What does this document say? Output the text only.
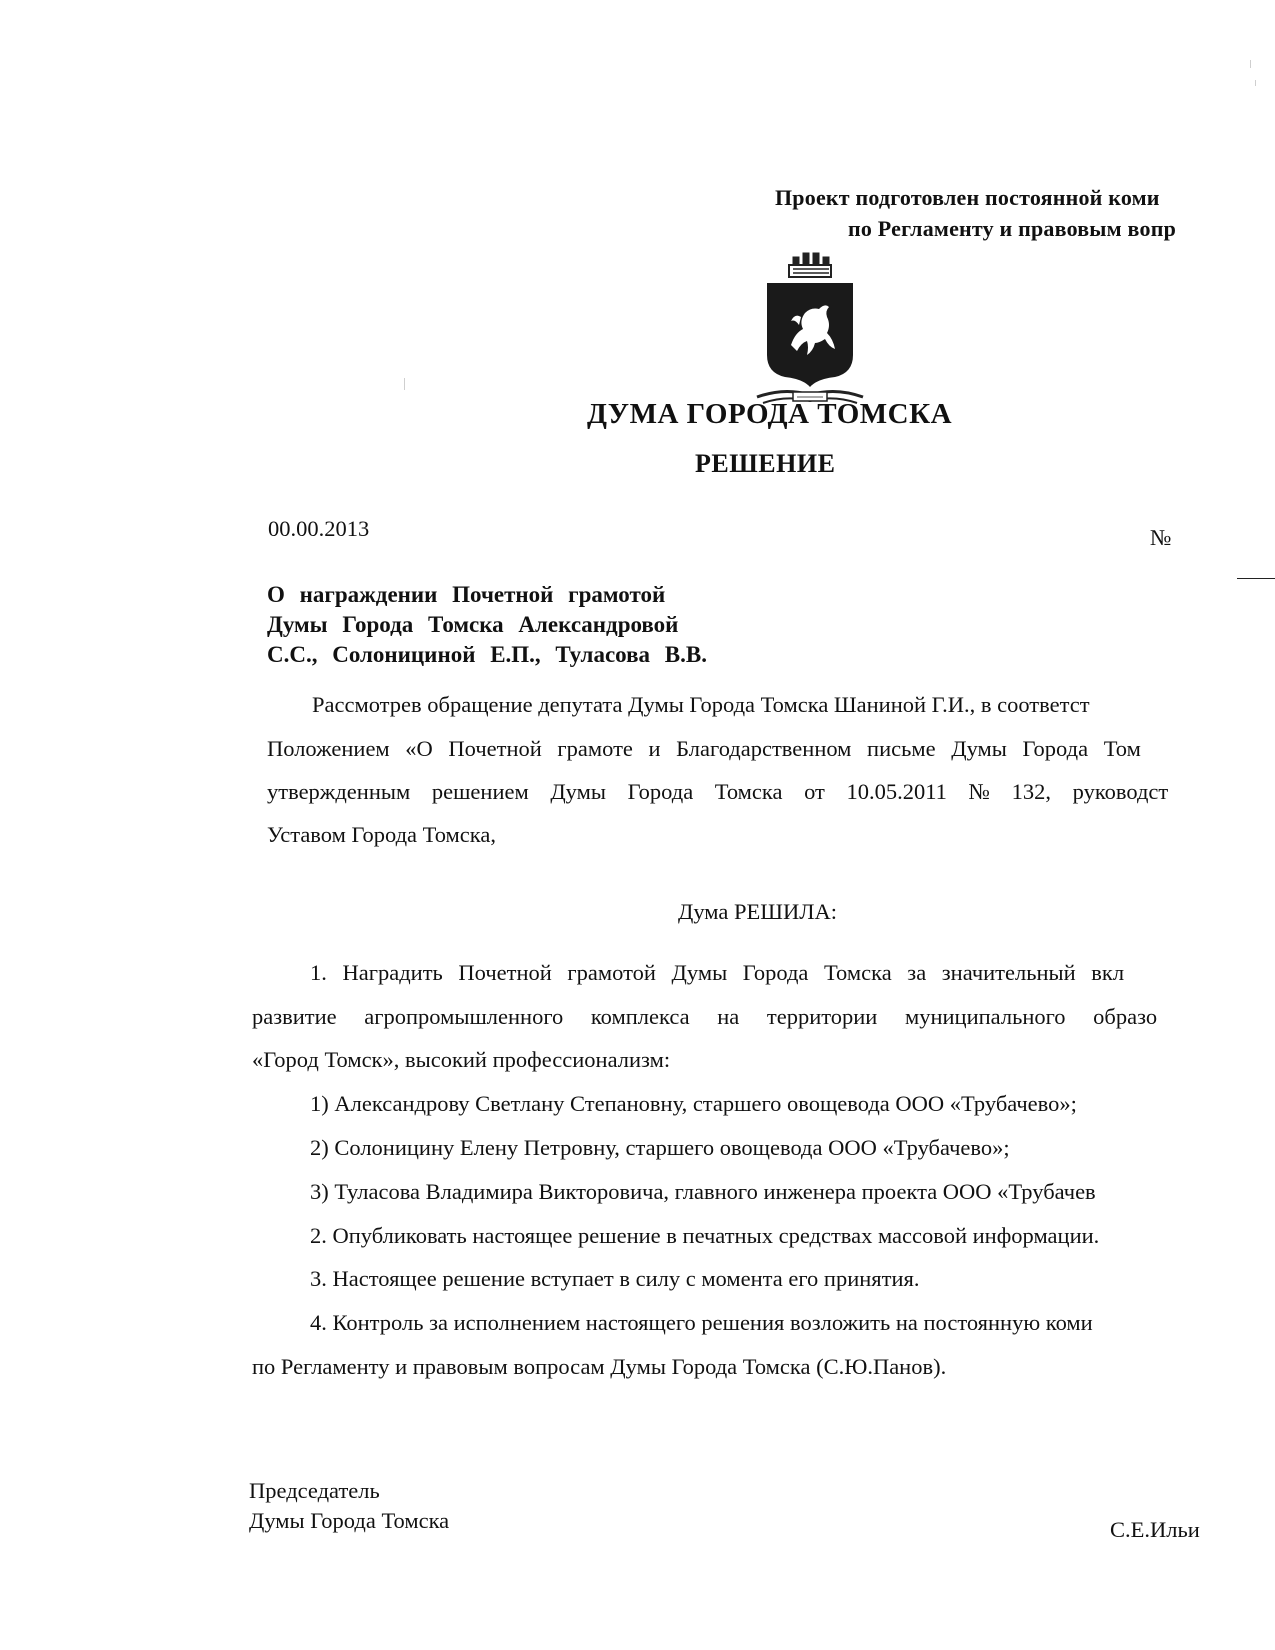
Проект подготовлен постоянной коми
по Регламенту и правовым вопр
ДУМА ГОРОДА ТОМСКА
РЕШЕНИЕ
00.00.2013	№
О награждении Почетной грамотой
Думы Города Томска Александровой
С.С., Солонициной Е.П., Туласова В.В.
Рассмотрев обращение депутата Думы Города Томска Шаниной Г.И., в соответст
Положением «О Почетной грамоте и Благодарственном письме Думы Города Том
утвержденным решением Думы Города Томска от 10.05.2011 № 132, руководст
Уставом Города Томска,
Дума РЕШИЛА:
1. Наградить Почетной грамотой Думы Города Томска за значительный вкл
развитие агропромышленного комплекса на территории муниципального образо
«Город Томск», высокий профессионализм:
1) Александрову Светлану Степановну, старшего овощевода ООО «Трубачево»;
2) Солоницину Елену Петровну, старшего овощевода ООО «Трубачево»;
3) Туласова Владимира Викторовича, главного инженера проекта ООО «Трубачев
2. Опубликовать настоящее решение в печатных средствах массовой информации.
3. Настоящее решение вступает в силу с момента его принятия.
4. Контроль за исполнением настоящего решения возложить на постоянную коми
по Регламенту и правовым вопросам Думы Города Томска (С.Ю.Панов).
Председатель
Думы Города Томска	С.Е.Ильи
